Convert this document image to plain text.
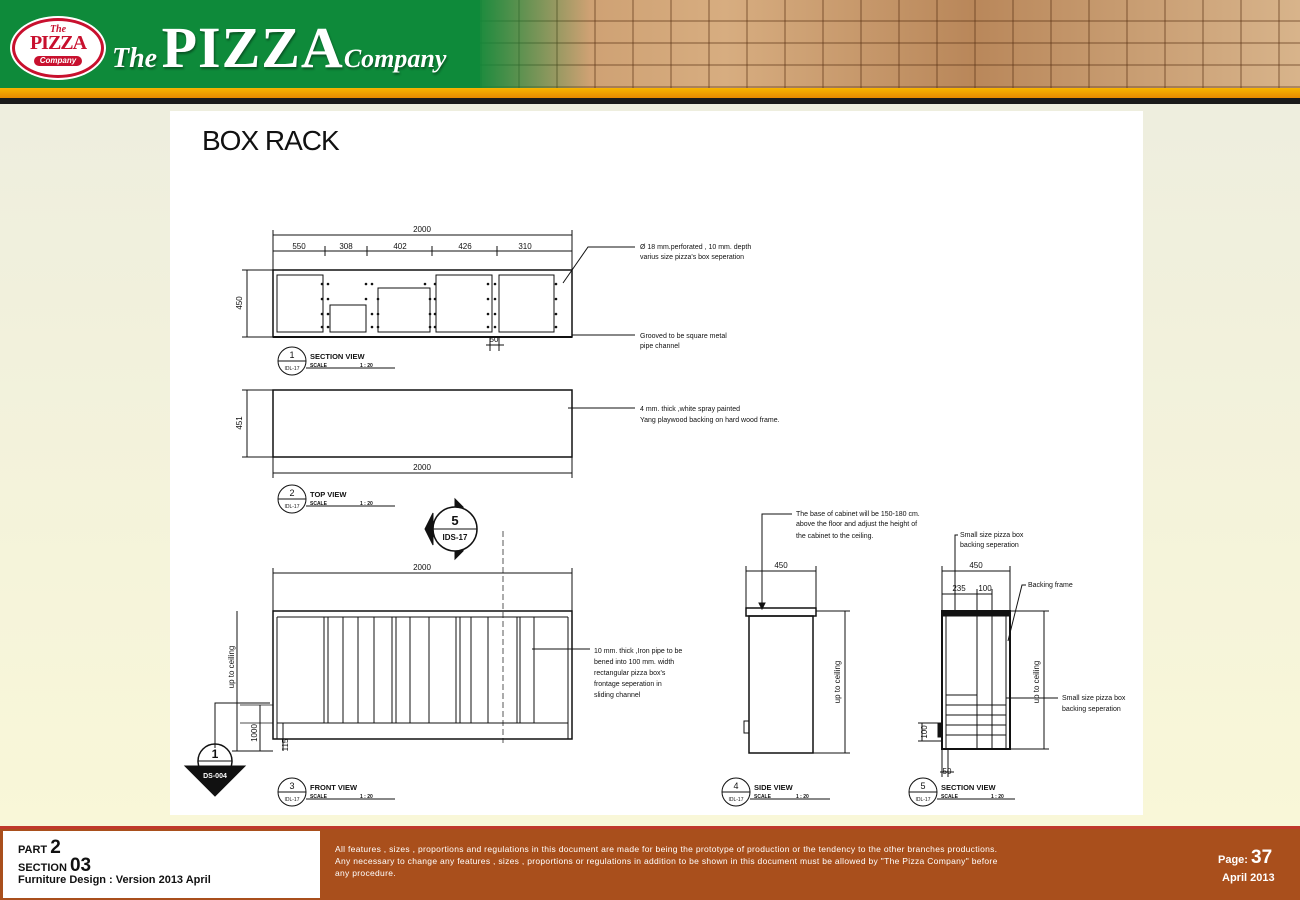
The
PIZZA
Company The PIZZACompany
BOX RACK
2000
550	308	402	426	310
450
50
451
2000
2000
up to ceiling
1000
115
450
up to ceiling
450
235 100
up to ceiling
100
50
Ø 18 mm.perforated , 10 mm. depth
varius size pizza's box seperation
Grooved to be square metal
pipe channel
4 mm. thick ,white spray painted
Yang playwood backing on hard wood frame.
The base of cabinet will be 150-180 cm.
above the floor and adjust the height of
the cabinet to the ceiling.
10 mm. thick ,Iron pipe to be
bened into 100 mm. width
rectangular pizza box's
frontage seperation in
sliding channel
Small size pizza box
backing seperation
Backing frame
Small size pizza box
backing seperation
1
IDL-17
SECTION VIEW
SCALE	1 : 20
2
IDL-17
TOP VIEW
SCALE	1 : 20
3
IDL-17
FRONT VIEW
SCALE	1 : 20
4
IDL-17
SIDE VIEW
SCALE	1 : 20
5
IDL-17
SECTION VIEW
SCALE	1 : 20
5
IDS-17
1
DS-004
PART 2
SECTION 03
Furniture Design : Version 2013 April
All features , sizes , proportions and regulations in this document are made for being the prototype of production or the tendency to the other branches productions.
Any necessary to change any features , sizes , proportions or regulations in addition to be shown in this document must be allowed by "The Pizza Company" before
any procedure.
Page: 37
April 2013
